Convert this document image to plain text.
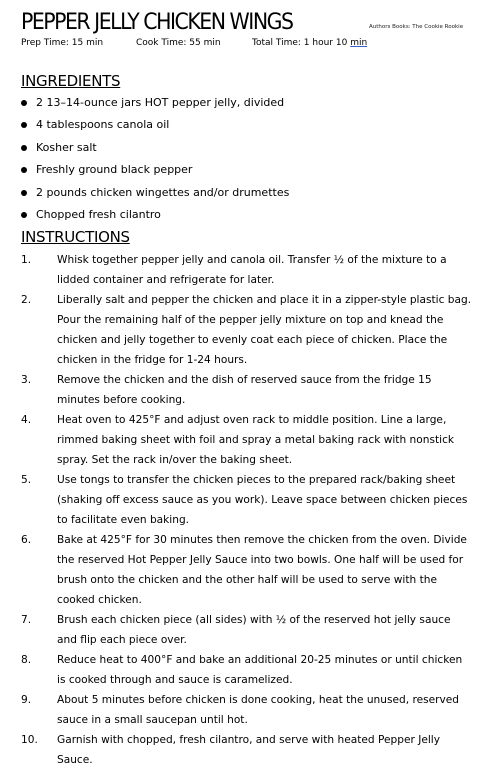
PEPPER JELLY CHICKEN WINGS	Authors Books: The Cookie Rookie
Prep Time: 15 min	Cook Time: 55 min	Total Time: 1 hour 10 min
INGREDIENTS
2 13–14-ounce jars HOT pepper jelly, divided
4 tablespoons canola oil
Kosher salt
Freshly ground black pepper
2 pounds chicken wingettes and/or drumettes
Chopped fresh cilantro
INSTRUCTIONS
1. Whisk together pepper jelly and canola oil. Transfer ½ of the mixture to a lidded container and refrigerate for later.
2. Liberally salt and pepper the chicken and place it in a zipper-style plastic bag. Pour the remaining half of the pepper jelly mixture on top and knead the chicken and jelly together to evenly coat each piece of chicken. Place the chicken in the fridge for 1-24 hours.
3. Remove the chicken and the dish of reserved sauce from the fridge 15 minutes before cooking.
4. Heat oven to 425°F and adjust oven rack to middle position. Line a large, rimmed baking sheet with foil and spray a metal baking rack with nonstick spray. Set the rack in/over the baking sheet.
5. Use tongs to transfer the chicken pieces to the prepared rack/baking sheet (shaking off excess sauce as you work). Leave space between chicken pieces to facilitate even baking.
6. Bake at 425°F for 30 minutes then remove the chicken from the oven. Divide the reserved Hot Pepper Jelly Sauce into two bowls. One half will be used for brush onto the chicken and the other half will be used to serve with the cooked chicken.
7. Brush each chicken piece (all sides) with ½ of the reserved hot jelly sauce and flip each piece over.
8. Reduce heat to 400°F and bake an additional 20-25 minutes or until chicken is cooked through and sauce is caramelized.
9. About 5 minutes before chicken is done cooking, heat the unused, reserved sauce in a small saucepan until hot.
10. Garnish with chopped, fresh cilantro, and serve with heated Pepper Jelly Sauce.
